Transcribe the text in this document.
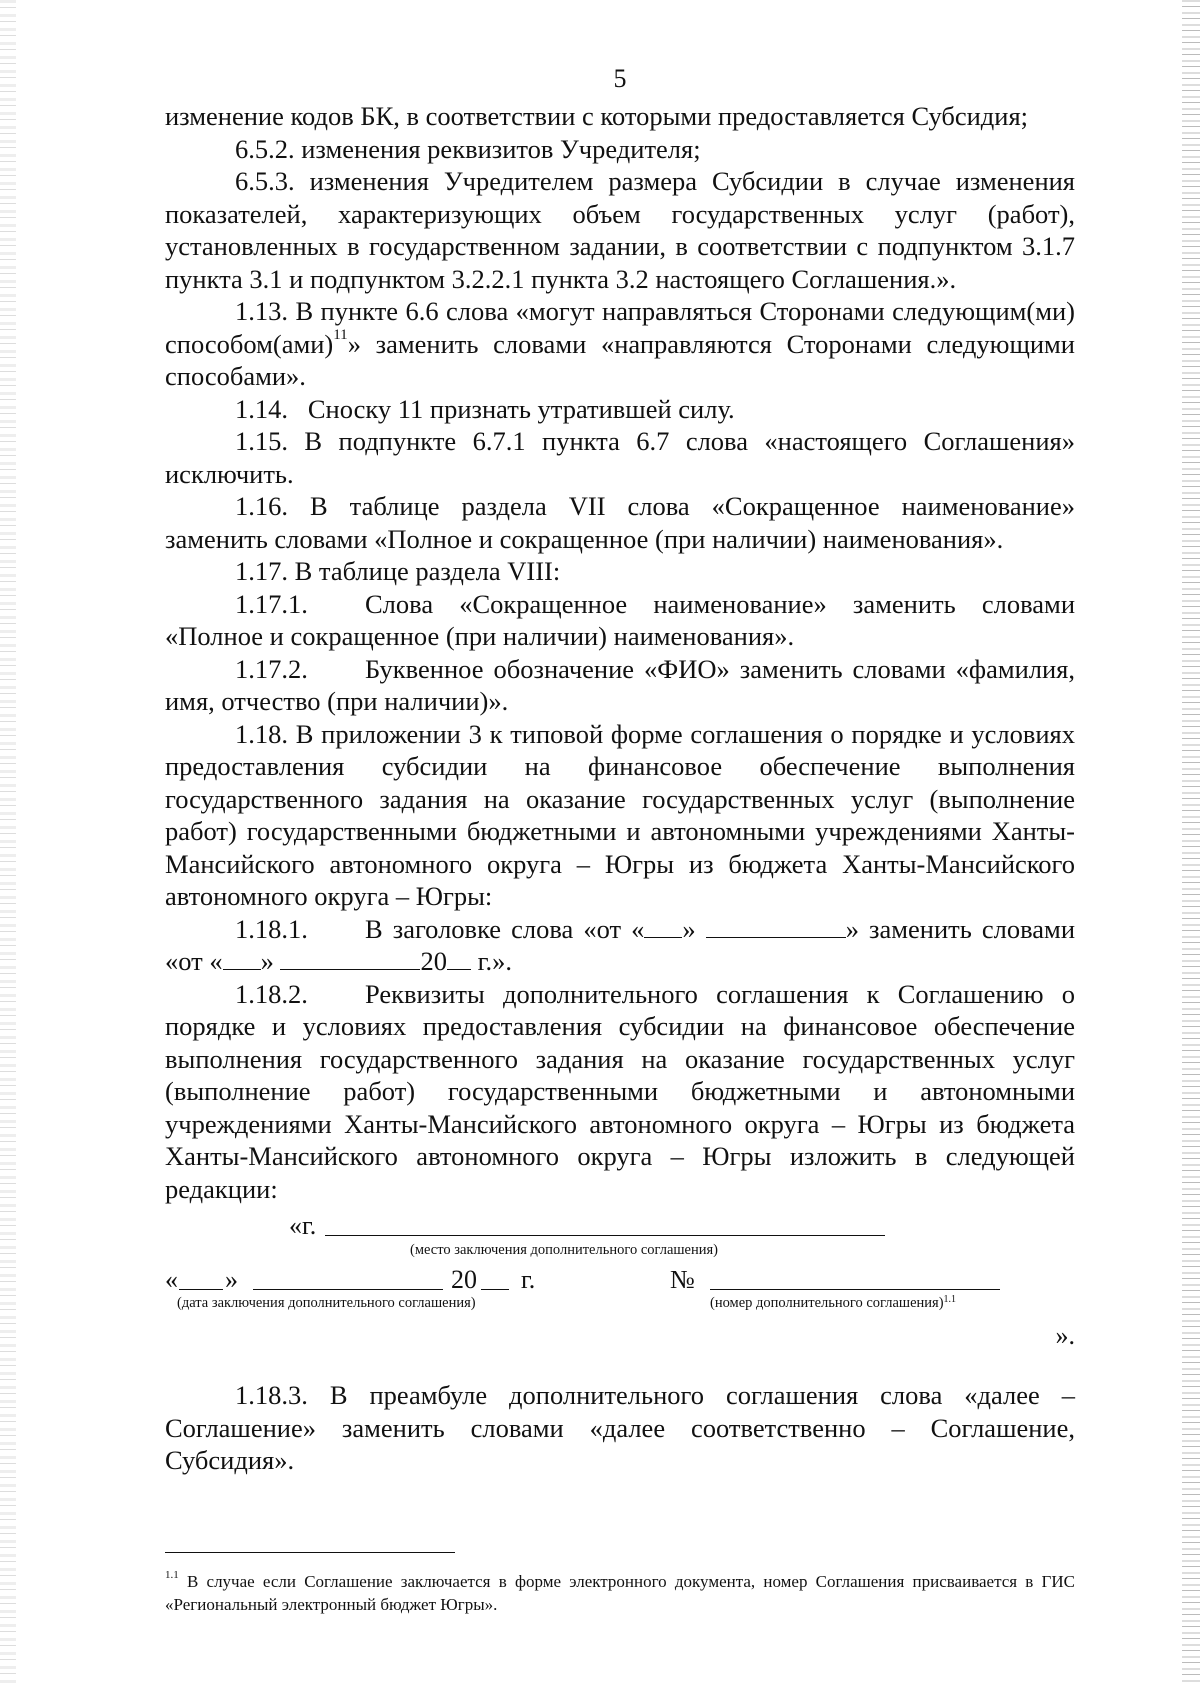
5

изменение кодов БК, в соответствии с которыми предоставляется Субсидия;

6.5.2. изменения реквизитов Учредителя;

6.5.3. изменения Учредителем размера Субсидии в случае изменения показателей, характеризующих объем государственных услуг (работ), установленных в государственном задании, в соответствии с подпунктом 3.1.7 пункта 3.1 и подпунктом 3.2.2.1 пункта 3.2 настоящего Соглашения.».

1.13. В пункте 6.6 слова «могут направляться Сторонами следующим(ми) способом(ами)$^{11}$» заменить словами «направляются Сторонами следующими способами».

1.14.   Сноску 11 признать утратившей силу.

1.15. В подпункте 6.7.1 пункта 6.7 слова «настоящего Соглашения» исключить.

1.16. В таблице раздела VII слова «Сокращенное наименование» заменить словами «Полное и сокращенное (при наличии) наименования».

1.17. В таблице раздела VIII:

1.17.1. Слова «Сокращенное наименование» заменить словами «Полное и сокращенное (при наличии) наименования».

1.17.2. Буквенное обозначение «ФИО» заменить словами «фамилия, имя, отчество (при наличии)».

1.18. В приложении 3 к типовой форме соглашения о порядке и условиях предоставления субсидии на финансовое обеспечение выполнения государственного задания на оказание государственных услуг (выполнение работ) государственными бюджетными и автономными учреждениями Ханты-Мансийского автономного округа – Югры из бюджета Ханты-Мансийского автономного округа – Югры:

1.18.1. В заголовке слова «от « »	» заменить словами «от « »	20 г.».

1.18.2. Реквизиты дополнительного соглашения к Соглашению о порядке и условиях предоставления субсидии на финансовое обеспечение выполнения государственного задания на оказание государственных услуг (выполнение работ) государственными бюджетными и автономными учреждениями Ханты-Мансийского автономного округа – Югры из бюджета Ханты-Мансийского автономного округа – Югры изложить в следующей редакции:

«г.
(место заключения дополнительного соглашения)
« »	20 г.	№
(дата заключения дополнительного соглашения)	(номер дополнительного соглашения)$^{1.1}$
».

1.18.3. В преамбуле дополнительного соглашения слова «далее – Соглашение» заменить словами «далее соответственно – Соглашение, Субсидия».

$^{1.1}$ В случае если Соглашение заключается в форме электронного документа, номер Соглашения присваивается в ГИС «Региональный электронный бюджет Югры».
